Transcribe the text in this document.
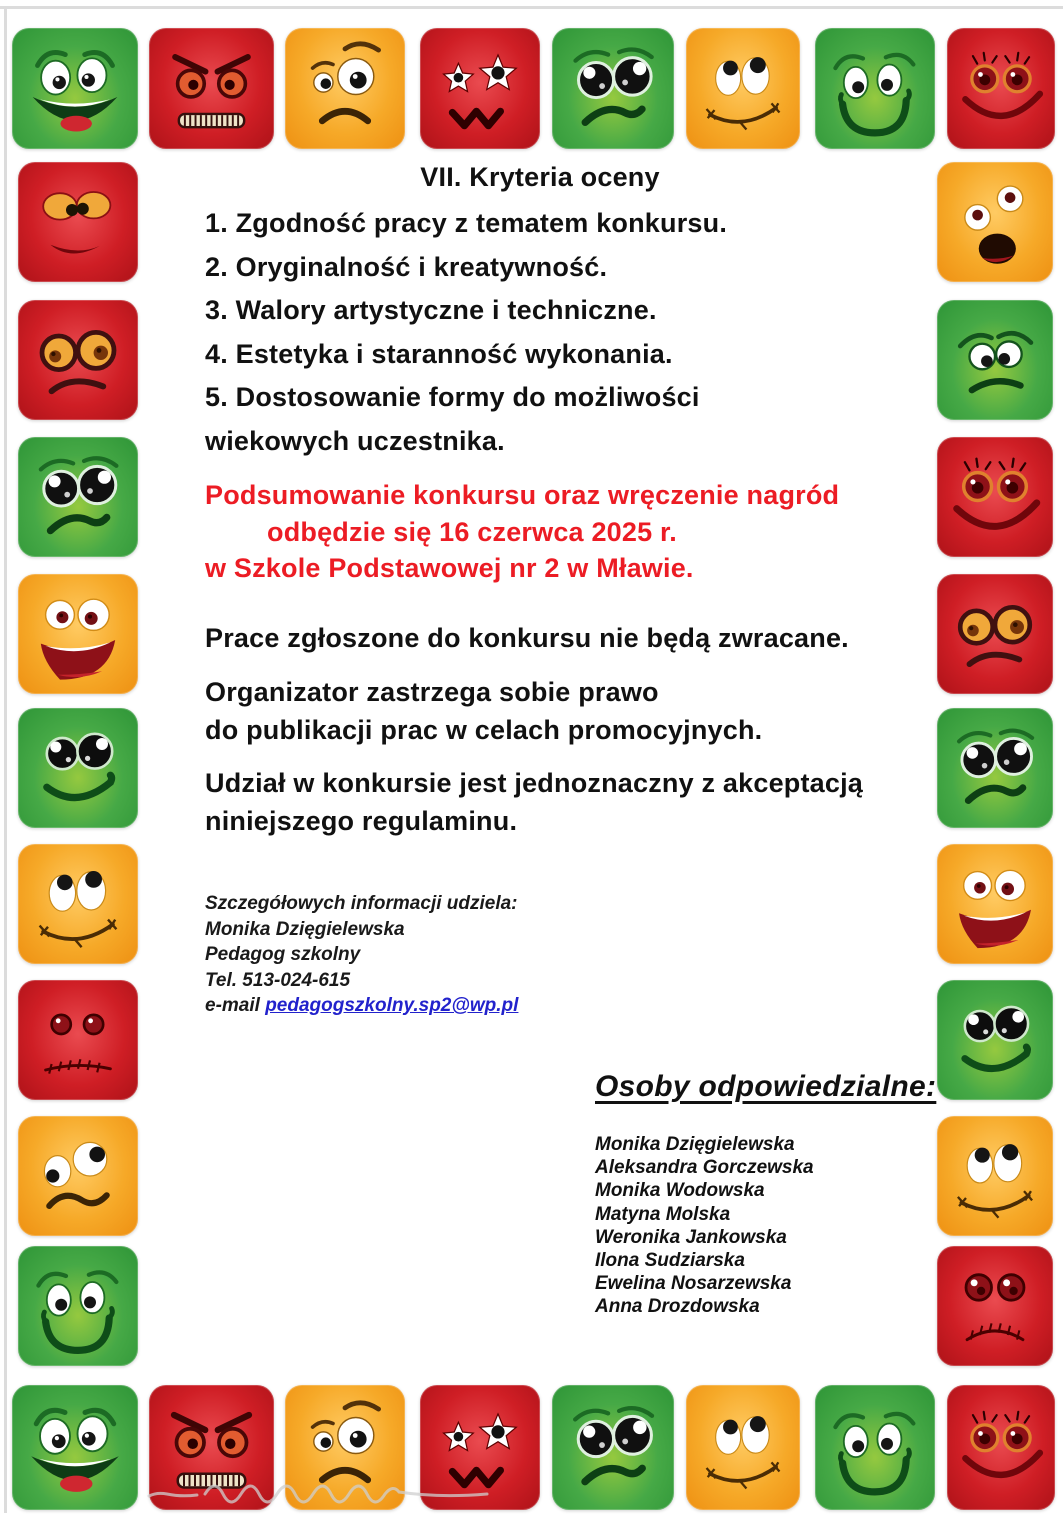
VII. Kryteria oceny
1. Zgodność pracy z tematem konkursu.
2. Oryginalność i kreatywność.
3. Walory artystyczne i techniczne.
4. Estetyka i staranność wykonania.
5. Dostosowanie formy do możliwości
wiekowych uczestnika.
Podsumowanie konkursu oraz wręczenie nagród
odbędzie się 16 czerwca 2025 r.
w Szkole Podstawowej nr 2 w Mławie.
Prace zgłoszone do konkursu nie będą zwracane.
Organizator zastrzega sobie prawo
do publikacji prac w celach promocyjnych.
Udział w konkursie jest jednoznaczny z akceptacją
niniejszego regulaminu.
Szczegółowych informacji udziela:
Monika Dzięgielewska
Pedagog szkolny
Tel. 513-024-615
e-mail pedagogszkolny.sp2@wp.pl
Osoby odpowiedzialne:
Monika Dzięgielewska
Aleksandra Gorczewska
Monika Wodowska
Matyna Molska
Weronika Jankowska
Ilona Sudziarska
Ewelina Nosarzewska
Anna Drozdowska
